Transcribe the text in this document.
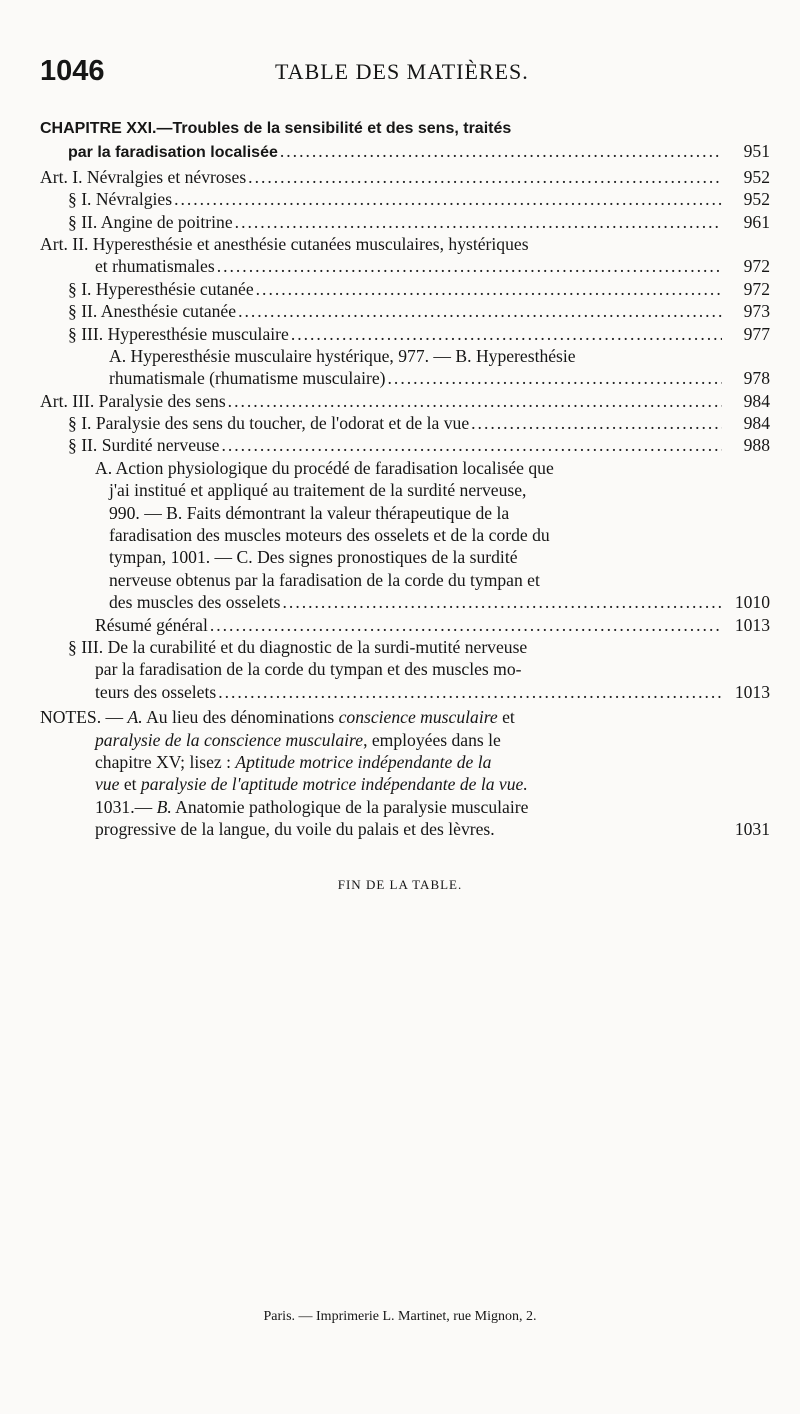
1046	TABLE DES MATIÈRES.
CHAPITRE XXI.—Troubles de la sensibilité et des sens, traités
par la faradisation localisée .....	951
Art. I. Névralgies et névroses .....	952
§ I. Névralgies .....	952
§ II. Angine de poitrine .....	961
Art. II. Hyperesthésie et anesthésie cutanées musculaires, hystériques
et rhumatismales .....	972
§ I. Hyperesthésie cutanée .....	972
§ II. Anesthésie cutanée .....	973
§ III. Hyperesthésie musculaire .....	977
A. Hyperesthésie musculaire hystérique, 977. — B. Hyperesthésie
rhumatismale (rhumatisme musculaire) .....	978
Art. III. Paralysie des sens .....	984
§ I. Paralysie des sens du toucher, de l'odorat et de la vue .....	984
§ II. Surdité nerveuse .....	988
A. Action physiologique du procédé de faradisation localisée que
j'ai institué et appliqué au traitement de la surdité nerveuse,
990. — B. Faits démontrant la valeur thérapeutique de la
faradisation des muscles moteurs des osselets et de la corde du
tympan, 1001. — C. Des signes pronostiques de la surdité
nerveuse obtenus par la faradisation de la corde du tympan et
des muscles des osselets .....	1010
Résumé général .....	1013
§ III. De la curabilité et du diagnostic de la surdi-mutité nerveuse
par la faradisation de la corde du tympan et des muscles mo-
teurs des osselets .....	1013
NOTES. — A. Au lieu des dénominations conscience musculaire et
paralysie de la conscience musculaire, employées dans le
chapitre XV; lisez : Aptitude motrice indépendante de la
vue et paralysie de l'aptitude motrice indépendante de la vue.
1031.— B. Anatomie pathologique de la paralysie musculaire
progressive de la langue, du voile du palais et des lèvres.	1031
FIN DE LA TABLE.
Paris. — Imprimerie L. Martinet, rue Mignon, 2.
